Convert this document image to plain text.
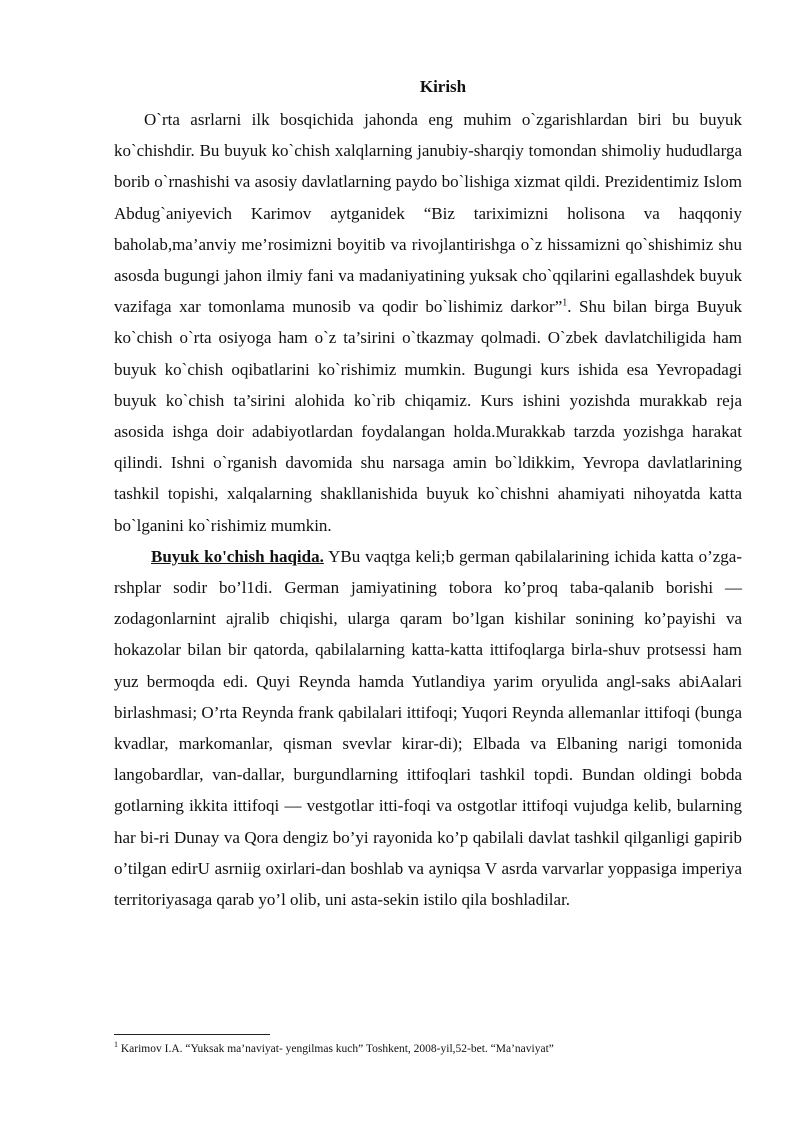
Kirish

O`rta asrlarni ilk bosqichida jahonda eng muhim o`zgarishlardan biri bu buyuk ko`chishdir. Bu buyuk ko`chish xalqlarning janubiy-sharqiy tomondan shimoliy hududlarga borib o`rnashishi va asosiy davlatlarning paydo bo`lishiga xizmat qildi. Prezidentimiz Islom Abdug`aniyevich Karimov aytganidek “Biz tariximizni holisona va haqqoniy baholab,ma’anviy me’rosimizni boyitib va rivojlantirishga o`z hissamizni qo`shishimiz shu asosda bugungi jahon ilmiy fani va madaniyatining yuksak cho`qqilarini egallashdek buyuk vazifaga xar tomonlama munosib va qodir bo`lishimiz darkor”$^1$. Shu bilan birga Buyuk ko`chish o`rta osiyoga ham o`z ta’sirini o`tkazmay qolmadi. O`zbek davlatchiligida ham buyuk ko`chish oqibatlarini ko`rishimiz mumkin. Bugungi kurs ishida esa Yevropadagi buyuk ko`chish ta’sirini alohida ko`rib chiqamiz. Kurs ishini yozishda murakkab reja asosida ishga doir adabiyotlardan foydalangan holda.Murakkab tarzda yozishga harakat qilindi. Ishni o`rganish davomida shu narsaga amin bo`ldikkim, Yevropa davlatlarining tashkil topishi, xalqalarning shakllanishida buyuk ko`chishni ahamiyati nihoyatda katta bo`lganini ko`rishimiz mumkin.

Buyuk ko'chish haqida. YBu vaqtga keli;b german qabilalarining ichida katta o’zga-rshplar sodir bo’l1di. German jamiyatining tobora ko’proq taba-qalanib borishi — zodagonlarnint ajralib chiqishi, ularga qaram bo’lgan kishilar sonining ko’payishi va hokazolar bilan bir qatorda, qabilalarning katta-katta ittifoqlarga birla-shuv protsessi ham yuz bermoqda edi. Quyi Reynda hamda Yutlandiya yarim oryulida angl-saks abiAalari birlashmasi; O’rta Reynda frank qabilalari ittifoqi; Yuqori Reynda allemanlar ittifoqi (bunga kvadlar, markomanlar, qisman svevlar kirar-di); Elbada va Elbaning narigi tomonida langobardlar, van-dallar, burgundlarning ittifoqlari tashkil topdi. Bundan oldingi bobda gotlarning ikkita ittifoqi — vestgotlar itti-foqi va ostgotlar ittifoqi vujudga kelib, bularning har bi-ri Dunay va Qora dengiz bo’yi rayonida ko’p qabilali davlat tashkil qilganligi gapirib o’tilgan edirU asrniig oxirlari-dan boshlab va ayniqsa V asrda varvarlar yoppasiga imperiya territoriyasaga qarab yo’l olib, uni asta-sekin istilo qila boshladilar.

$^1$ Karimov I.A. “Yuksak ma’naviyat- yengilmas kuch” Toshkent, 2008-yil,52-bet. “Ma’naviyat”
